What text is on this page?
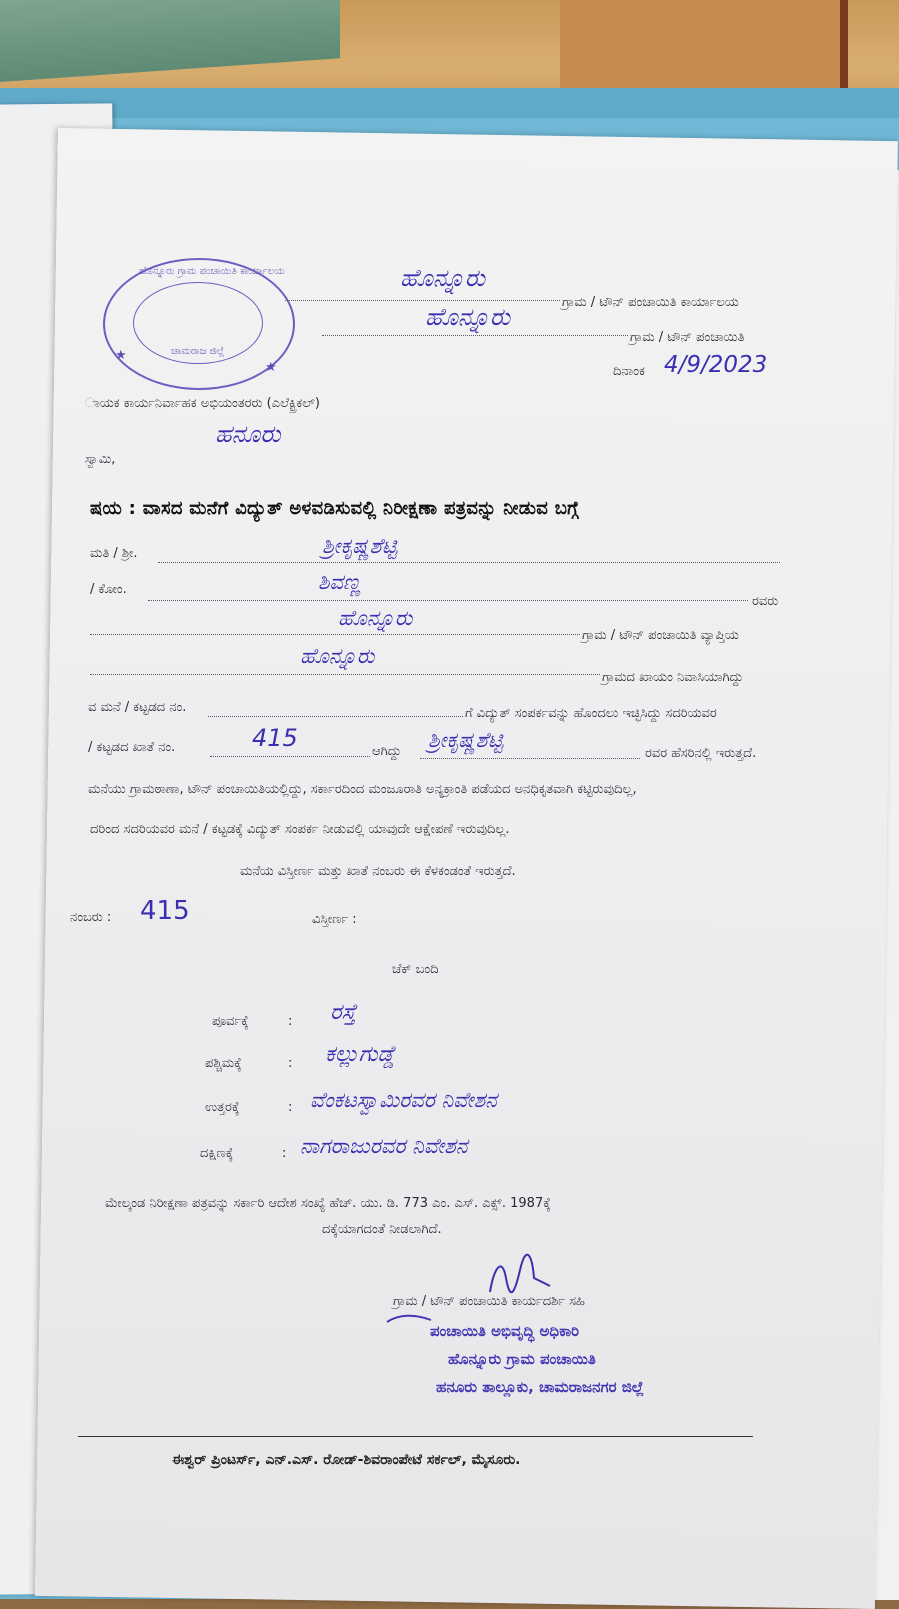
ಹೊನ್ನೂರು ಗ್ರಾಮ ಪಂಚಾಯಿತಿ ಕಾರ್ಯಾಲಯ
ಚಾಮರಾಜ ಜಿಲ್ಲೆ
★
★
ಹೊನ್ನೂರು
ಗ್ರಾಮ / ಟೌನ್ ಪಂಚಾಯಿತಿ ಕಾರ್ಯಾಲಯ
ಹೊನ್ನೂರು
ಗ್ರಾಮ / ಟೌನ್ ಪಂಚಾಯಿತಿ
ದಿನಾಂಕ 4/9/2023
ಾಯಕ ಕಾರ್ಯನಿರ್ವಾಹಕ ಅಭಿಯಂತರರು (ಎಲೆಕ್ಟ್ರಿಕಲ್)
ಹನೂರು
ಸ್ವಾಮಿ,
ಷಯ : ವಾಸದ ಮನೆಗೆ ವಿದ್ಯುತ್ ಅಳವಡಿಸುವಲ್ಲಿ ನಿರೀಕ್ಷಣಾ ಪತ್ರವನ್ನು ನೀಡುವ ಬಗ್ಗೆ
ಮತಿ / ಶ್ರೀ.	ಶ್ರೀಕೃಷ್ಣಶೆಟ್ಟಿ
/ ಕೋಂ.	ಶಿವಣ್ಣ
ರವರು
ಹೊನ್ನೂರು
ಗ್ರಾಮ / ಟೌನ್ ಪಂಚಾಯಿತಿ ವ್ಯಾಪ್ತಿಯ
ಹೊನ್ನೂರು
ಗ್ರಾಮದ ಖಾಯಂ ನಿವಾಸಿಯಾಗಿದ್ದು
ವ ಮನೆ / ಕಟ್ಟಡದ ನಂ.	ಗೆ ವಿದ್ಯುತ್ ಸಂಪರ್ಕವನ್ನು ಹೊಂದಲು ಇಚ್ಛಿಸಿದ್ದು ಸದರಿಯವರ
/ ಕಟ್ಟಡದ ಖಾತೆ ನಂ.	415	ಆಗಿದ್ದು ಶ್ರೀಕೃಷ್ಣಶೆಟ್ಟಿ
ರವರ ಹೆಸರಿನಲ್ಲಿ ಇರುತ್ತದೆ.
ಮನೆಯು ಗ್ರಾಮಠಾಣಾ, ಟೌನ್ ಪಂಚಾಯಿತಿಯಲ್ಲಿದ್ದು, ಸರ್ಕಾರದಿಂದ ಮಂಜೂರಾತಿ ಅನ್ಯಕ್ರಾಂತಿ ಪಡೆಯದ ಅನಧಿಕೃತವಾಗಿ ಕಟ್ಟಿರುವುದಿಲ್ಲ,
ದರಿಂದ ಸದರಿಯವರ ಮನೆ / ಕಟ್ಟಡಕ್ಕೆ ವಿದ್ಯುತ್ ಸಂಪರ್ಕ ನೀಡುವಲ್ಲಿ ಯಾವುದೇ ಆಕ್ಷೇಪಣೆ ಇರುವುದಿಲ್ಲ.
ಮನೆಯ ವಿಸ್ತೀರ್ಣ ಮತ್ತು ಖಾತೆ ನಂಬರು ಈ ಕೆಳಕಂಡಂತೆ ಇರುತ್ತದೆ.
ನಂಬರು : 415	ವಿಸ್ತೀರ್ಣ :
ಚೆಕ್ ಬಂದಿ
ಪೂರ್ವಕ್ಕೆ	: ರಸ್ತೆ
ಪಶ್ಚಿಮಕ್ಕೆ	: ಕಲ್ಲುಗುಡ್ಡೆ
ಉತ್ತರಕ್ಕೆ	: ವೆಂಕಟಸ್ವಾಮಿರವರ ನಿವೇಶನ
ದಕ್ಷಿಣಕ್ಕೆ	: ನಾಗರಾಜುರವರ ನಿವೇಶನ
ಮೇಲ್ಕಂಡ ನಿರೀಕ್ಷಣಾ ಪತ್ರವನ್ನು ಸರ್ಕಾರಿ ಆದೇಶ ಸಂಖ್ಯೆ ಹೆಚ್. ಯು. ಡಿ. 773 ಎಂ. ಎಸ್. ಎಕ್ಸ್. 1987ಕ್ಕೆ
ದಕ್ಕೆಯಾಗದಂತೆ ನೀಡಲಾಗಿದೆ.
ಗ್ರಾಮ / ಟೌನ್ ಪಂಚಾಯಿತಿ ಕಾರ್ಯದರ್ಶಿ ಸಹಿ
ಪಂಚಾಯಿತಿ ಅಭಿವೃದ್ಧಿ ಅಧಿಕಾರಿ
ಹೊನ್ನೂರು ಗ್ರಾಮ ಪಂಚಾಯಿತಿ
ಹನೂರು ತಾಲ್ಲೂಕು, ಚಾಮರಾಜನಗರ ಜಿಲ್ಲೆ
ಈಶ್ವರ್ ಪ್ರಿಂಟರ್ಸ್, ಎನ್.ಎಸ್. ರೋಡ್-ಶಿವರಾಂಪೇಟೆ ಸರ್ಕಲ್, ಮೈಸೂರು.
